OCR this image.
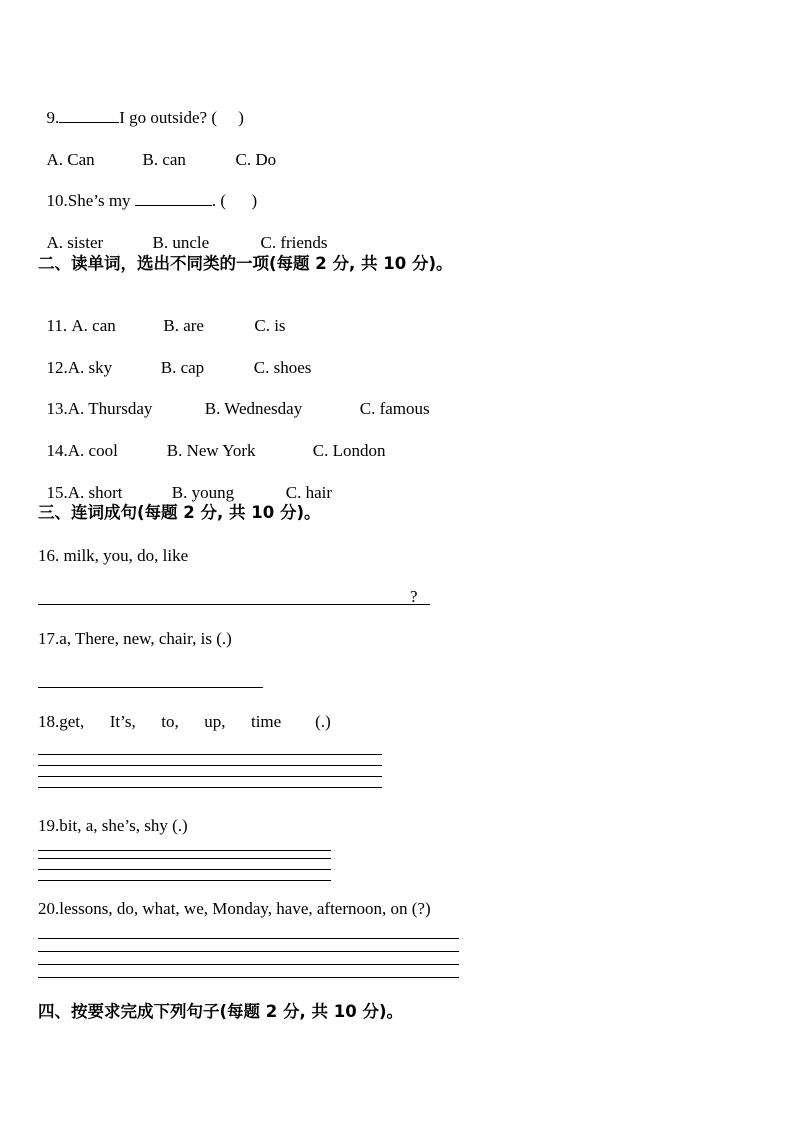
9.	I go outside? (     )

A. Can	B. can	C. Do

10.She’s my	. (      )

A. sister	B. uncle	C. friends

二、读单词，选出不同类的一项(每题 2 分, 共 10 分)。

11. A. can	B. are	C. is

12.A. sky	B. cap	C. shoes

13.A. Thursday	B. Wednesday	C. famous

14.A. cool	B. New York	C. London

15.A. short	B. young	C. hair

三、连词成句(每题 2 分, 共 10 分)。
16. milk, you, do, like
?
17.a, There, new, chair, is (.)
18.get,      It’s,      to,      up,      time        (.)
19.bit, a, she’s, shy (.)
20.lessons, do, what, we, Monday, have, afternoon, on (?)
四、按要求完成下列句子(每题 2 分, 共 10 分)。
